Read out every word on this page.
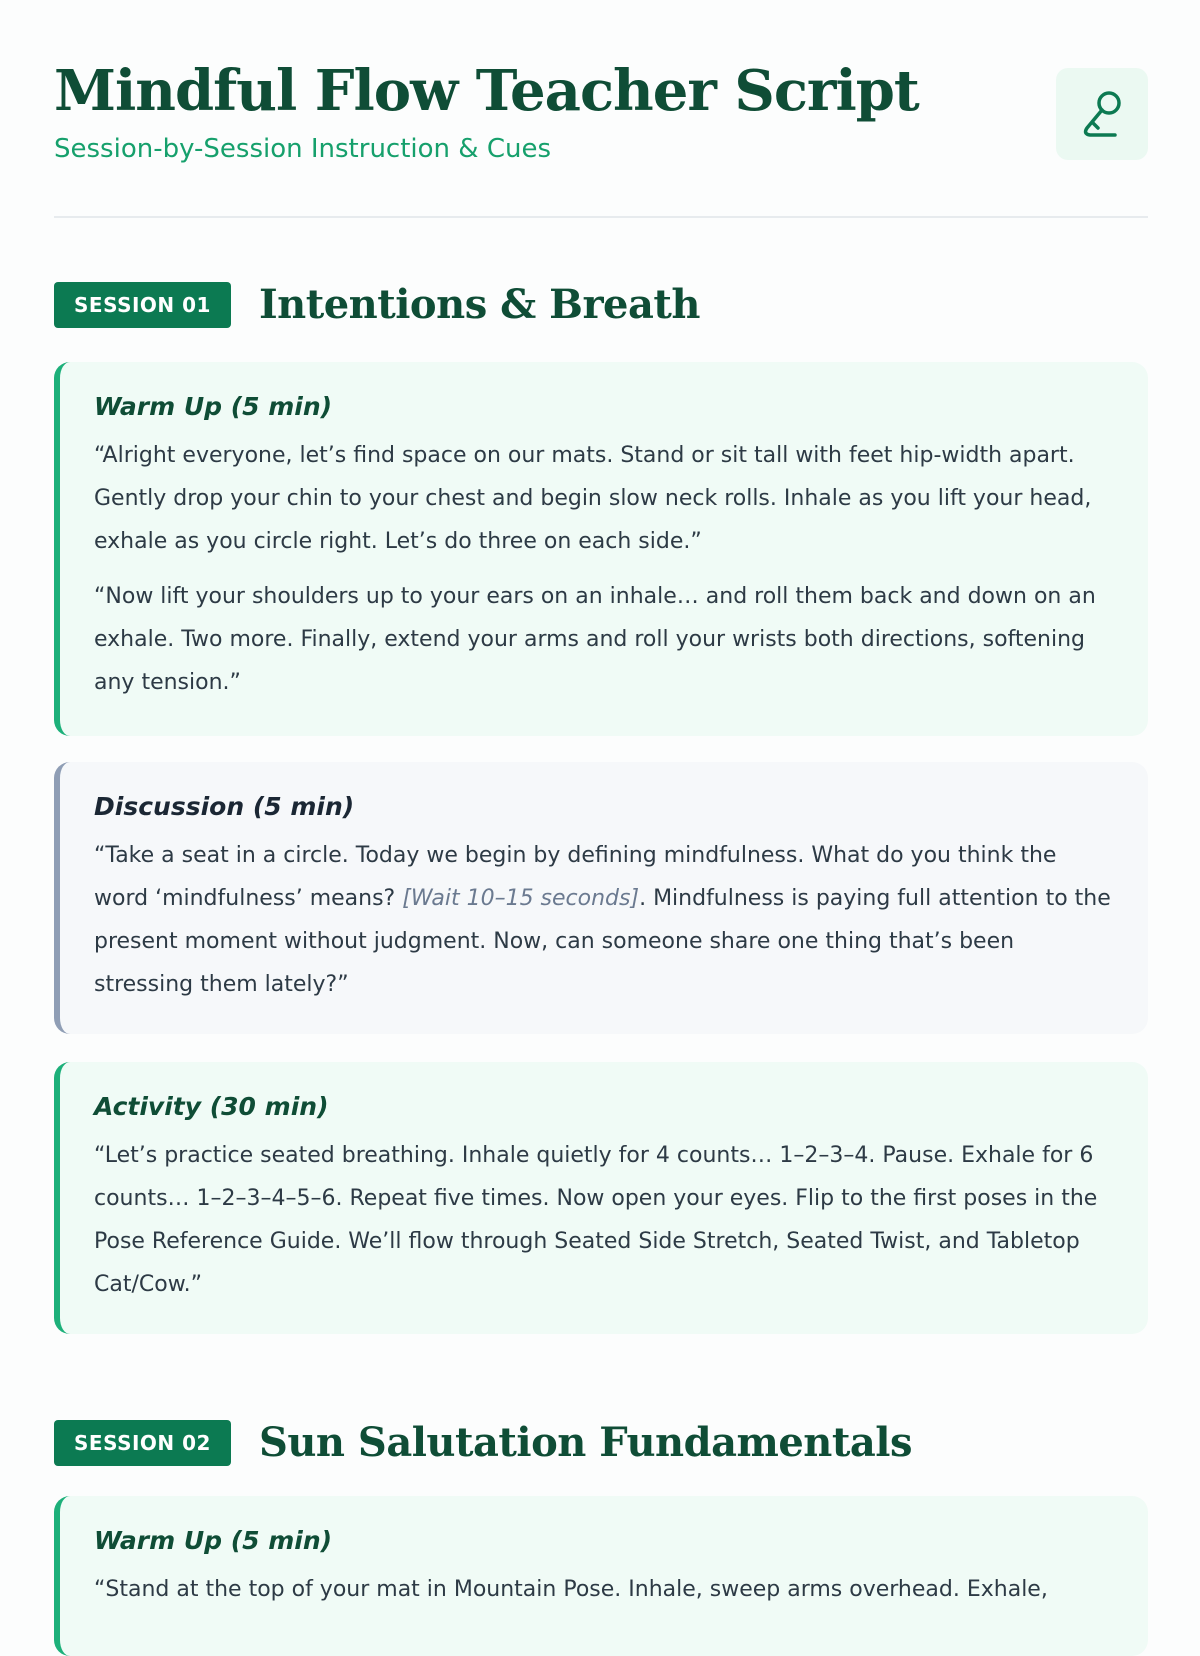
Mindful Flow Teacher Script
Session-by-Session Instruction & Cues
SESSION 01	Intentions & Breath
Warm Up (5 min)

“Alright everyone, let’s find space on our mats. Stand or sit tall with feet hip-width apart. Gently drop your chin to your chest and begin slow neck rolls. Inhale as you lift your head, exhale as you circle right. Let’s do three on each side.”

“Now lift your shoulders up to your ears on an inhale… and roll them back and down on an exhale. Two more. Finally, extend your arms and roll your wrists both directions, softening any tension.”

Discussion (5 min)

“Take a seat in a circle. Today we begin by defining mindfulness. What do you think the word ‘mindfulness’ means? [Wait 10–15 seconds]. Mindfulness is paying full attention to the present moment without judgment. Now, can someone share one thing that’s been stressing them lately?”

Activity (30 min)

“Let’s practice seated breathing. Inhale quietly for 4 counts… 1–2–3–4. Pause. Exhale for 6 counts… 1–2–3–4–5–6. Repeat five times. Now open your eyes. Flip to the first poses in the Pose Reference Guide. We’ll flow through Seated Side Stretch, Seated Twist, and Tabletop Cat/Cow.”

SESSION 02	Sun Salutation Fundamentals
Warm Up (5 min)

“Stand at the top of your mat in Mountain Pose. Inhale, sweep arms overhead. Exhale,
